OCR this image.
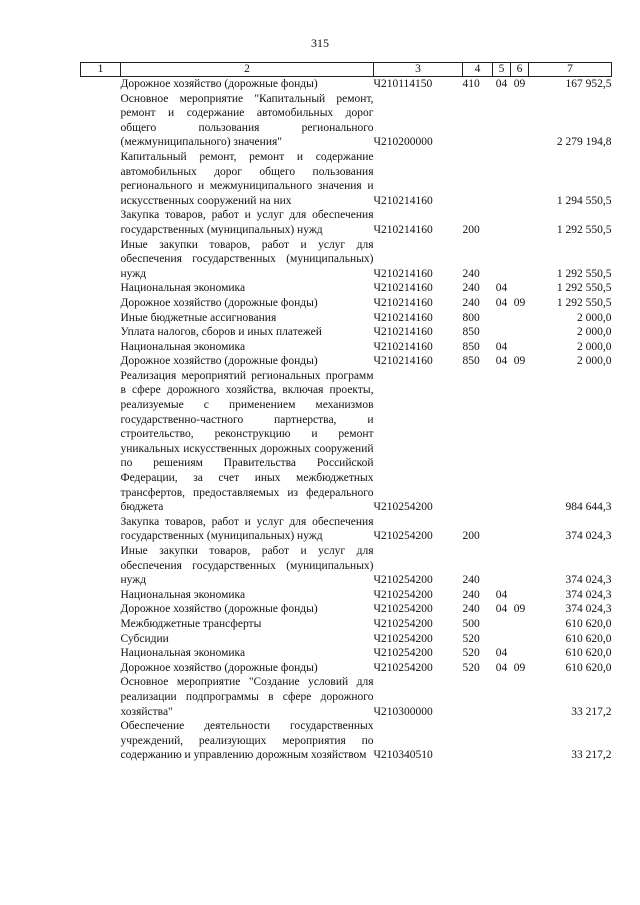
315
1	2	3	4	5	6	7
	Дорожное хозяйство (дорожные фонды)	Ч210114150	410	04	09	167 952,5
	Основное мероприятие "Капитальный ремонт, ремонт и содержание автомобильных дорог общего пользования регионального (межмуниципального) значения"	Ч210200000				2 279 194,8
	Капитальный ремонт, ремонт и содержание автомобильных дорог общего пользования регионального и межмуниципального значения и искусственных сооружений на них	Ч210214160				1 294 550,5
	Закупка товаров, работ и услуг для обеспечения государственных (муниципальных) нужд	Ч210214160	200			1 292 550,5
	Иные закупки товаров, работ и услуг для обеспечения государственных (муниципальных) нужд	Ч210214160	240			1 292 550,5
	Национальная экономика	Ч210214160	240	04		1 292 550,5
	Дорожное хозяйство (дорожные фонды)	Ч210214160	240	04	09	1 292 550,5
	Иные бюджетные ассигнования	Ч210214160	800			2 000,0
	Уплата налогов, сборов и иных платежей	Ч210214160	850			2 000,0
	Национальная экономика	Ч210214160	850	04		2 000,0
	Дорожное хозяйство (дорожные фонды)	Ч210214160	850	04	09	2 000,0
	Реализация мероприятий региональных программ в сфере дорожного хозяйства, включая проекты, реализуемые с применением механизмов государственно-частного партнерства, и строительство, реконструкцию и ремонт уникальных искусственных дорожных сооружений по решениям Правительства Российской Федерации, за счет иных межбюджетных трансфертов, предоставляемых из федерального бюджета	Ч210254200				984 644,3
	Закупка товаров, работ и услуг для обеспечения государственных (муниципальных) нужд	Ч210254200	200			374 024,3
	Иные закупки товаров, работ и услуг для обеспечения государственных (муниципальных) нужд	Ч210254200	240			374 024,3
	Национальная экономика	Ч210254200	240	04		374 024,3
	Дорожное хозяйство (дорожные фонды)	Ч210254200	240	04	09	374 024,3
	Межбюджетные трансферты	Ч210254200	500			610 620,0
	Субсидии	Ч210254200	520			610 620,0
	Национальная экономика	Ч210254200	520	04		610 620,0
	Дорожное хозяйство (дорожные фонды)	Ч210254200	520	04	09	610 620,0
	Основное мероприятие "Создание условий для реализации подпрограммы в сфере дорожного хозяйства"	Ч210300000				33 217,2
	Обеспечение деятельности государственных учреждений, реализующих мероприятия по содержанию и управлению дорожным хозяйством	Ч210340510				33 217,2
